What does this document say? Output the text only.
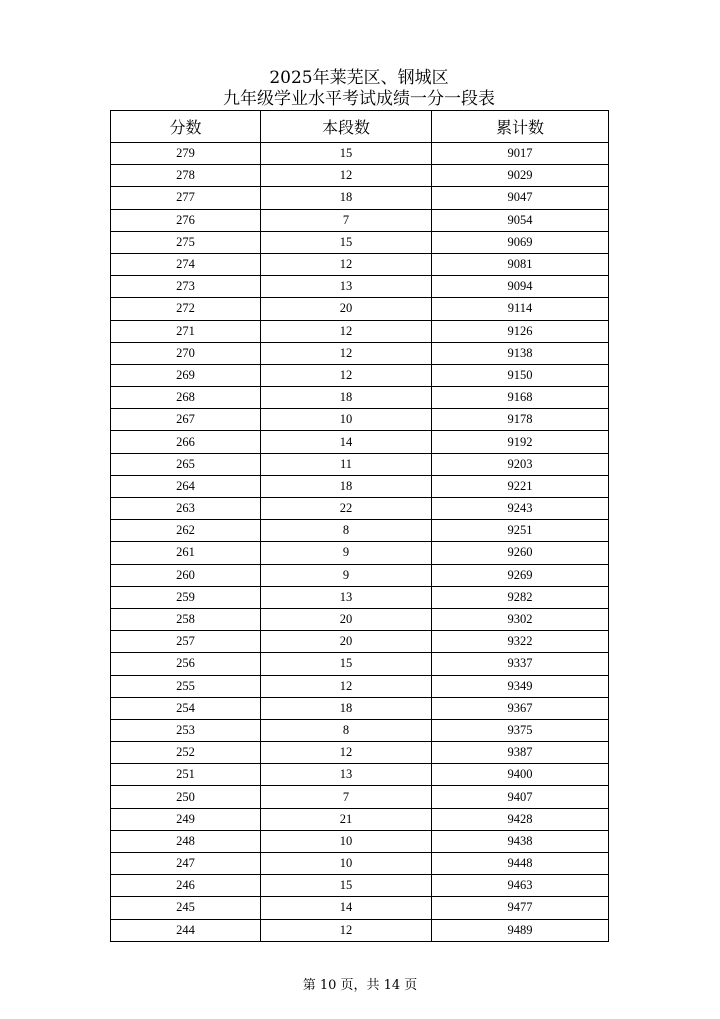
2025年莱芜区、钢城区
九年级学业水平考试成绩一分一段表
分数	本段数	累计数
279	15	9017
278	12	9029
277	18	9047
276	7	9054
275	15	9069
274	12	9081
273	13	9094
272	20	9114
271	12	9126
270	12	9138
269	12	9150
268	18	9168
267	10	9178
266	14	9192
265	11	9203
264	18	9221
263	22	9243
262	8	9251
261	9	9260
260	9	9269
259	13	9282
258	20	9302
257	20	9322
256	15	9337
255	12	9349
254	18	9367
253	8	9375
252	12	9387
251	13	9400
250	7	9407
249	21	9428
248	10	9438
247	10	9448
246	15	9463
245	14	9477
244	12	9489
第 10 页，共 14 页
